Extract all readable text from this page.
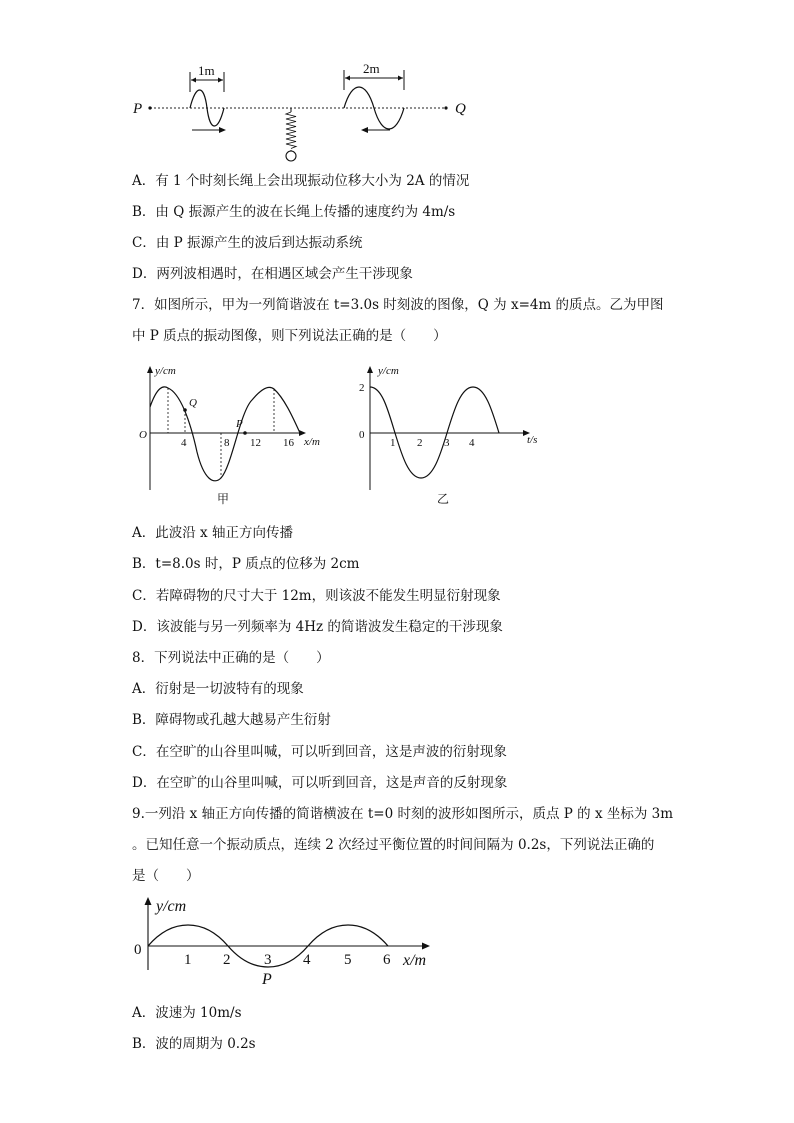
P	Q
1m	2m
A．有 1 个时刻长绳上会出现振动位移大小为 2A 的情况
B．由 Q 振源产生的波在长绳上传播的速度约为 4m/s
C．由 P 振源产生的波后到达振动系统
D．两列波相遇时，在相遇区域会产生干涉现象
7．如图所示，甲为一列简谐波在 t=3.0s 时刻波的图像，Q 为 x=4m 的质点。乙为甲图
中 P 质点的振动图像，则下列说法正确的是（　　）
y/cm
x/m
O
Q
P
4	8 12 16
甲
y/cm
t/s
0
2
1 2 3 4
乙
A．此波沿 x 轴正方向传播
B．t=8.0s 时，P 质点的位移为 2cm
C．若障碍物的尺寸大于 12m，则该波不能发生明显衍射现象
D．该波能与另一列频率为 4Hz 的简谐波发生稳定的干涉现象
8．下列说法中正确的是（　　）
A．衍射是一切波特有的现象
B．障碍物或孔越大越易产生衍射
C．在空旷的山谷里叫喊，可以听到回音，这是声波的衍射现象
D．在空旷的山谷里叫喊，可以听到回音，这是声音的反射现象
9.一列沿 x 轴正方向传播的简谐横波在 t=0 时刻的波形如图所示，质点 P 的 x 坐标为 3m
。已知任意一个振动质点，连续 2 次经过平衡位置的时间间隔为 0.2s，下列说法正确的
是（　　）
y/cm
x/m
0
1 2 3 4 5 6
P
A．波速为 10m/s
B．波的周期为 0.2s
